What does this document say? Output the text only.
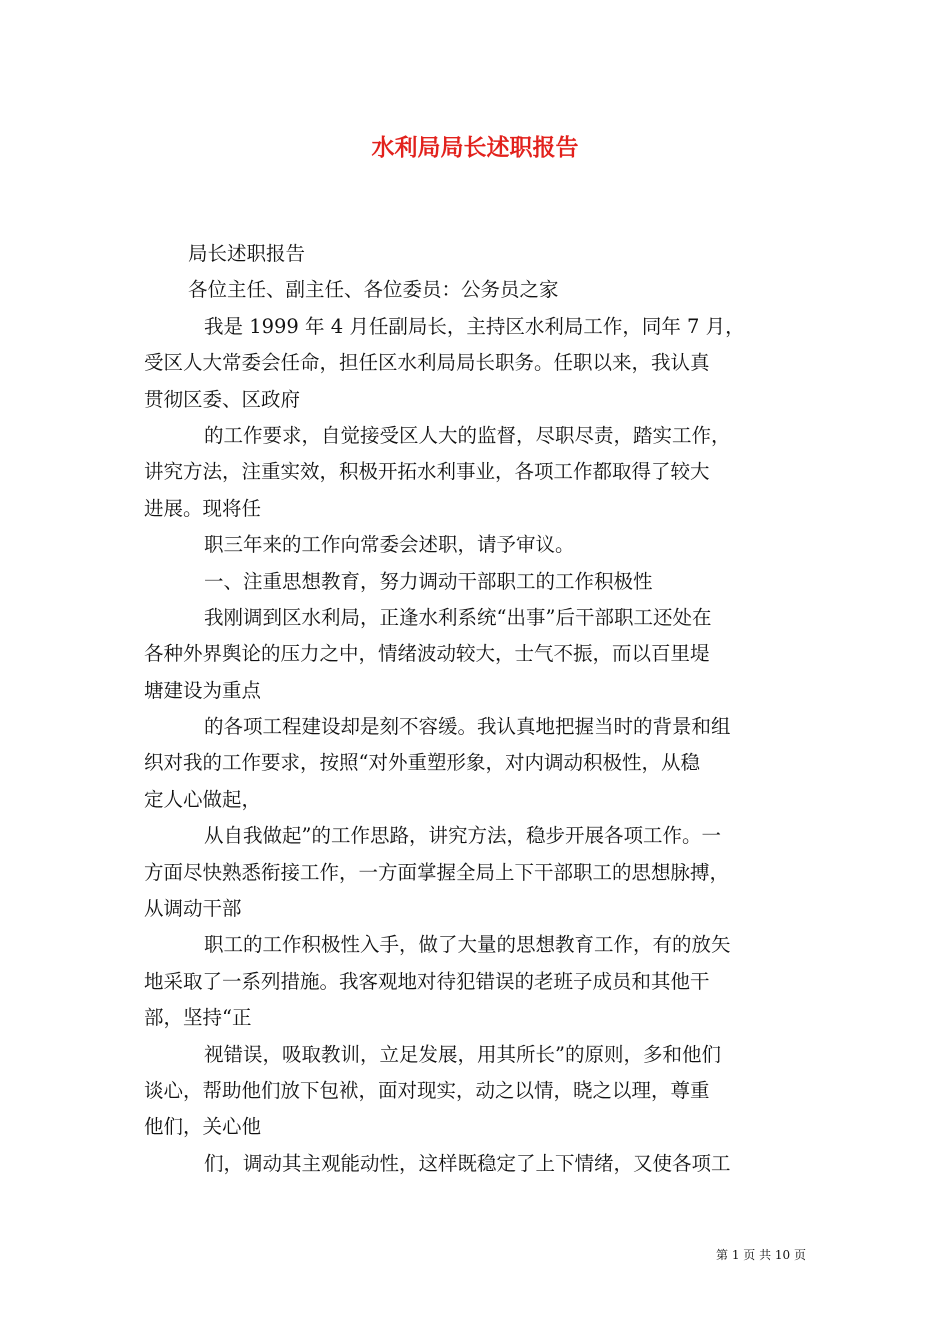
水利局局长述职报告
局长述职报告
各位主任、副主任、各位委员：公务员之家
我是 1999 年 4 月任副局长，主持区水利局工作，同年 7 月，
受区人大常委会任命，担任区水利局局长职务。任职以来，我认真
贯彻区委、区政府
的工作要求，自觉接受区人大的监督，尽职尽责，踏实工作，
讲究方法，注重实效，积极开拓水利事业，各项工作都取得了较大
进展。现将任
职三年来的工作向常委会述职，请予审议。
一、注重思想教育，努力调动干部职工的工作积极性
我刚调到区水利局，正逢水利系统“出事”后干部职工还处在
各种外界舆论的压力之中，情绪波动较大，士气不振，而以百里堤
塘建设为重点
的各项工程建设却是刻不容缓。我认真地把握当时的背景和组
织对我的工作要求，按照“对外重塑形象，对内调动积极性，从稳
定人心做起，
从自我做起”的工作思路，讲究方法，稳步开展各项工作。一
方面尽快熟悉衔接工作，一方面掌握全局上下干部职工的思想脉搏，
从调动干部
职工的工作积极性入手，做了大量的思想教育工作，有的放矢
地采取了一系列措施。我客观地对待犯错误的老班子成员和其他干
部，坚持“正
视错误，吸取教训，立足发展，用其所长”的原则，多和他们
谈心，帮助他们放下包袱，面对现实，动之以情，晓之以理，尊重
他们，关心他
们，调动其主观能动性，这样既稳定了上下情绪，又使各项工
第 1 页 共 10 页
